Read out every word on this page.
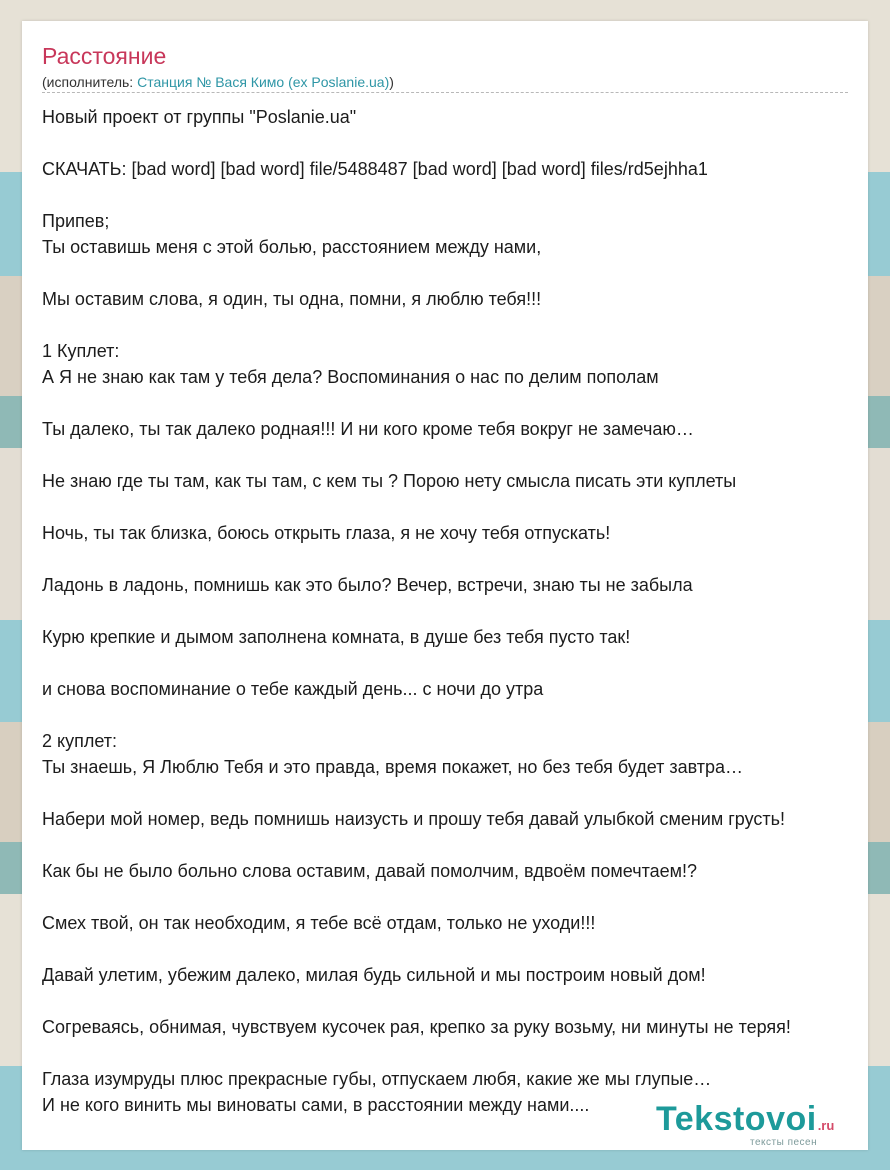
Расстояние
(исполнитель: Станция № Вася Кимо (ex Poslanie.ua))
Новый проект от группы "Poslanie.ua"
СКАЧАТЬ: [bad word] [bad word] file/5488487 [bad word] [bad word] files/rd5ejhha1
Припев;
Ты оставишь меня с этой болью, расстоянием между нами,
Мы оставим слова, я один, ты одна, помни, я люблю тебя!!!
1 Куплет:
А Я не знаю как там у тебя дела? Воспоминания о нас по делим пополам
Ты далеко, ты так далеко родная!!! И ни кого кроме тебя вокруг не замечаю…
Не знаю где ты там, как ты там, с кем ты ? Порою нету смысла писать эти куплеты
Ночь, ты так близка, боюсь открыть глаза, я не хочу тебя отпускать!
Ладонь в ладонь, помнишь как это было? Вечер, встречи, знаю ты не забыла
Курю крепкие и дымом заполнена комната, в душе без тебя пусто так!
и снова воспоминание о тебе каждый день... с ночи до утра
2 куплет:
Ты знаешь, Я Люблю Тебя и это правда, время покажет, но без тебя будет завтра…
Набери мой номер, ведь помнишь наизусть и прошу тебя давай улыбкой сменим грусть!
Как бы не было больно слова оставим, давай помолчим, вдвоём помечтаем!?
Смех твой, он так необходим, я тебе всё отдам, только не уходи!!!
Давай улетим, убежим далеко, милая будь сильной и мы построим новый дом!
Согреваясь, обнимая, чувствуем кусочек рая, крепко за руку возьму, ни минуты не теряя!
Глаза изумруды плюс прекрасные губы, отпускаем любя, какие же мы глупые…
И не кого винить мы виноваты сами, в расстоянии между нами....	Tekstovoi.ru
тексты песен
